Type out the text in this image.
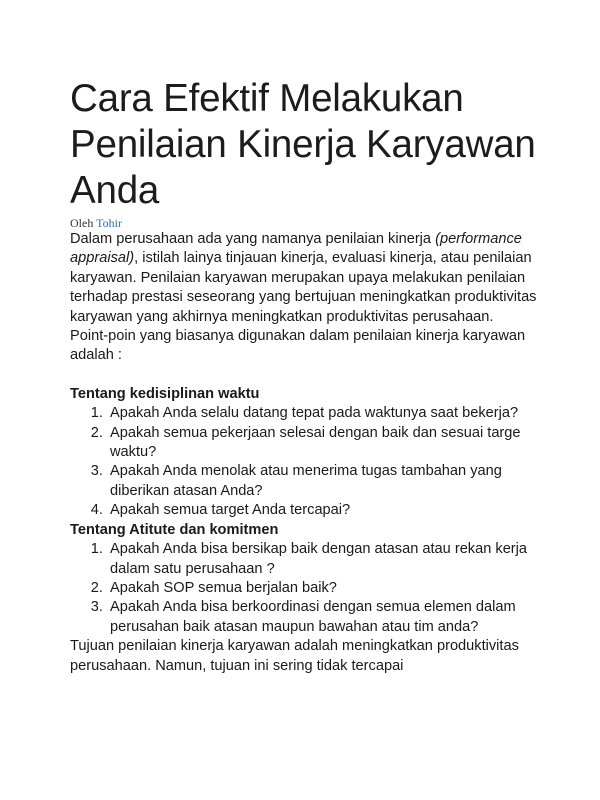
Cara Efektif Melakukan Penilaian Kinerja Karyawan Anda
Oleh Tohir

Dalam perusahaan ada yang namanya penilaian kinerja (performance appraisal), istilah lainya tinjauan kinerja, evaluasi kinerja, atau penilaian karyawan. Penilaian karyawan merupakan upaya melakukan penilaian terhadap prestasi seseorang yang bertujuan meningkatkan produktivitas karyawan yang akhirnya meningkatkan produktivitas perusahaan.

Point-poin yang biasanya digunakan dalam penilaian kinerja karyawan adalah :

Tentang kedisiplinan waktu

1. Apakah Anda selalu datang tepat pada waktunya saat bekerja?
2. Apakah semua pekerjaan selesai dengan baik dan sesuai targe waktu?
3. Apakah Anda menolak atau menerima tugas tambahan yang diberikan atasan Anda?
4. Apakah semua target Anda tercapai?

Tentang Atitute dan komitmen

1. Apakah Anda bisa bersikap baik dengan atasan atau rekan kerja dalam satu perusahaan ?
2. Apakah SOP semua berjalan baik?
3. Apakah Anda bisa berkoordinasi dengan semua elemen dalam perusahan baik atasan maupun bawahan atau tim anda?

Tujuan penilaian kinerja karyawan adalah meningkatkan produktivitas perusahaan. Namun, tujuan ini sering tidak tercapai
